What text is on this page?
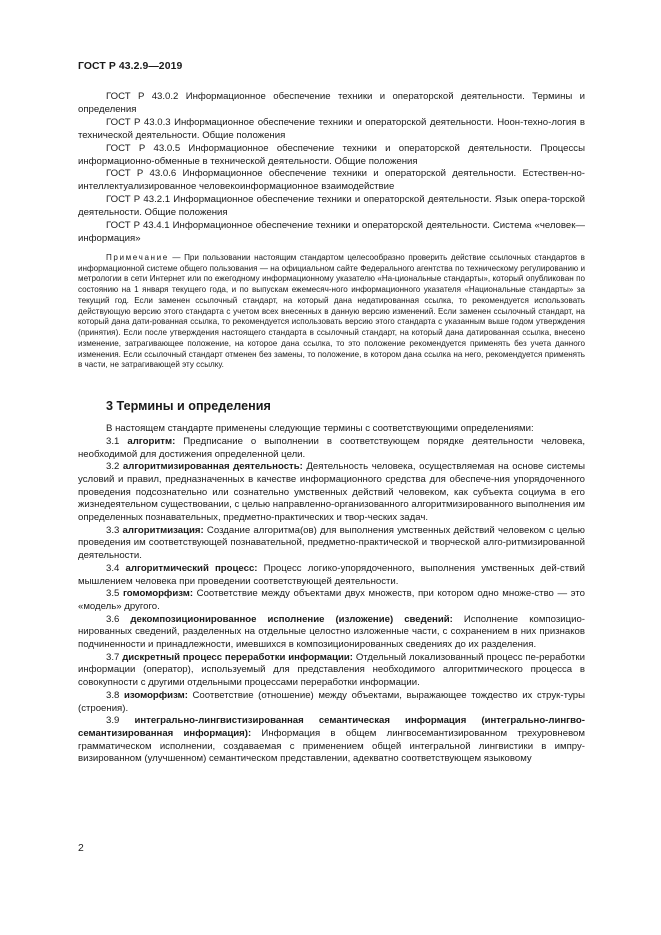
ГОСТ Р 43.2.9—2019

ГОСТ Р 43.0.2 Информационное обеспечение техники и операторской деятельности. Термины и определения

ГОСТ Р 43.0.3 Информационное обеспечение техники и операторской деятельности. Ноон-техно-логия в технической деятельности. Общие положения

ГОСТ Р 43.0.5 Информационное обеспечение техники и операторской деятельности. Процессы информационно-обменные в технической деятельности. Общие положения

ГОСТ Р 43.0.6 Информационное обеспечение техники и операторской деятельности. Естествен-но-интеллектуализированное человекоинформационное взаимодействие

ГОСТ Р 43.2.1 Информационное обеспечение техники и операторской деятельности. Язык опера-торской деятельности. Общие положения

ГОСТ Р 43.4.1 Информационное обеспечение техники и операторской деятельности. Система «человек—информация»

Примечание — При пользовании настоящим стандартом целесообразно проверить действие ссылочных стандартов в информационной системе общего пользования — на официальном сайте Федерального агентства по техническому регулированию и метрологии в сети Интернет или по ежегодному информационному указателю «На-циональные стандарты», который опубликован по состоянию на 1 января текущего года, и по выпускам ежемесяч-ного информационного указателя «Национальные стандарты» за текущий год. Если заменен ссылочный стандарт, на который дана недатированная ссылка, то рекомендуется использовать действующую версию этого стандарта с учетом всех внесенных в данную версию изменений. Если заменен ссылочный стандарт, на который дана дати-рованная ссылка, то рекомендуется использовать версию этого стандарта с указанным выше годом утверждения (принятия). Если после утверждения настоящего стандарта в ссылочный стандарт, на который дана датированная ссылка, внесено изменение, затрагивающее положение, на которое дана ссылка, то это положение рекомендуется применять без учета данного изменения. Если ссылочный стандарт отменен без замены, то положение, в котором дана ссылка на него, рекомендуется применять в части, не затрагивающей эту ссылку.

3 Термины и определения

В настоящем стандарте применены следующие термины с соответствующими определениями:

3.1 алгоритм: Предписание о выполнении в соответствующем порядке деятельности человека, необходимой для достижения определенной цели.

3.2 алгоритмизированная деятельность: Деятельность человека, осуществляемая на основе системы условий и правил, предназначенных в качестве информационного средства для обеспече-ния упорядоченного проведения подсознательно или сознательно умственных действий человеком, как субъекта социума в его жизнедеятельном существовании, с целью направленно-организованного алгоритмизированного выполнения им определенных познавательных, предметно-практических и твор-ческих задач.

3.3 алгоритмизация: Создание алгоритма(ов) для выполнения умственных действий человеком с целью проведения им соответствующей познавательной, предметно-практической и творческой алго-ритмизированной деятельности.

3.4 алгоритмический процесс: Процесс логико-упорядоченного, выполнения умственных дей-ствий мышлением человека при проведении соответствующей деятельности.

3.5 гомоморфизм: Соответствие между объектами двух множеств, при котором одно множе-ство — это «модель» другого.

3.6 декомпозиционированное исполнение (изложение) сведений: Исполнение композицио-нированных сведений, разделенных на отдельные целостно изложенные части, с сохранением в них признаков подчиненности и принадлежности, имевшихся в композиционированных сведениях до их разделения.

3.7 дискретный процесс переработки информации: Отдельный локализованный процесс пе-реработки информации (оператор), используемый для представления необходимого алгоритмического процесса в совокупности с другими отдельными процессами переработки информации.

3.8 изоморфизм: Соответствие (отношение) между объектами, выражающее тождество их струк-туры (строения).

3.9 интегрально-лингвистизированная семантическая информация (интегрально-лингво-семантизированная информация): Информация в общем лингвосемантизированном трехуровневом грамматическом исполнении, создаваемая с применением общей интегральной лингвистики в импру-визированном (улучшенном) семантическом представлении, адекватно соответствующем языковому

2
